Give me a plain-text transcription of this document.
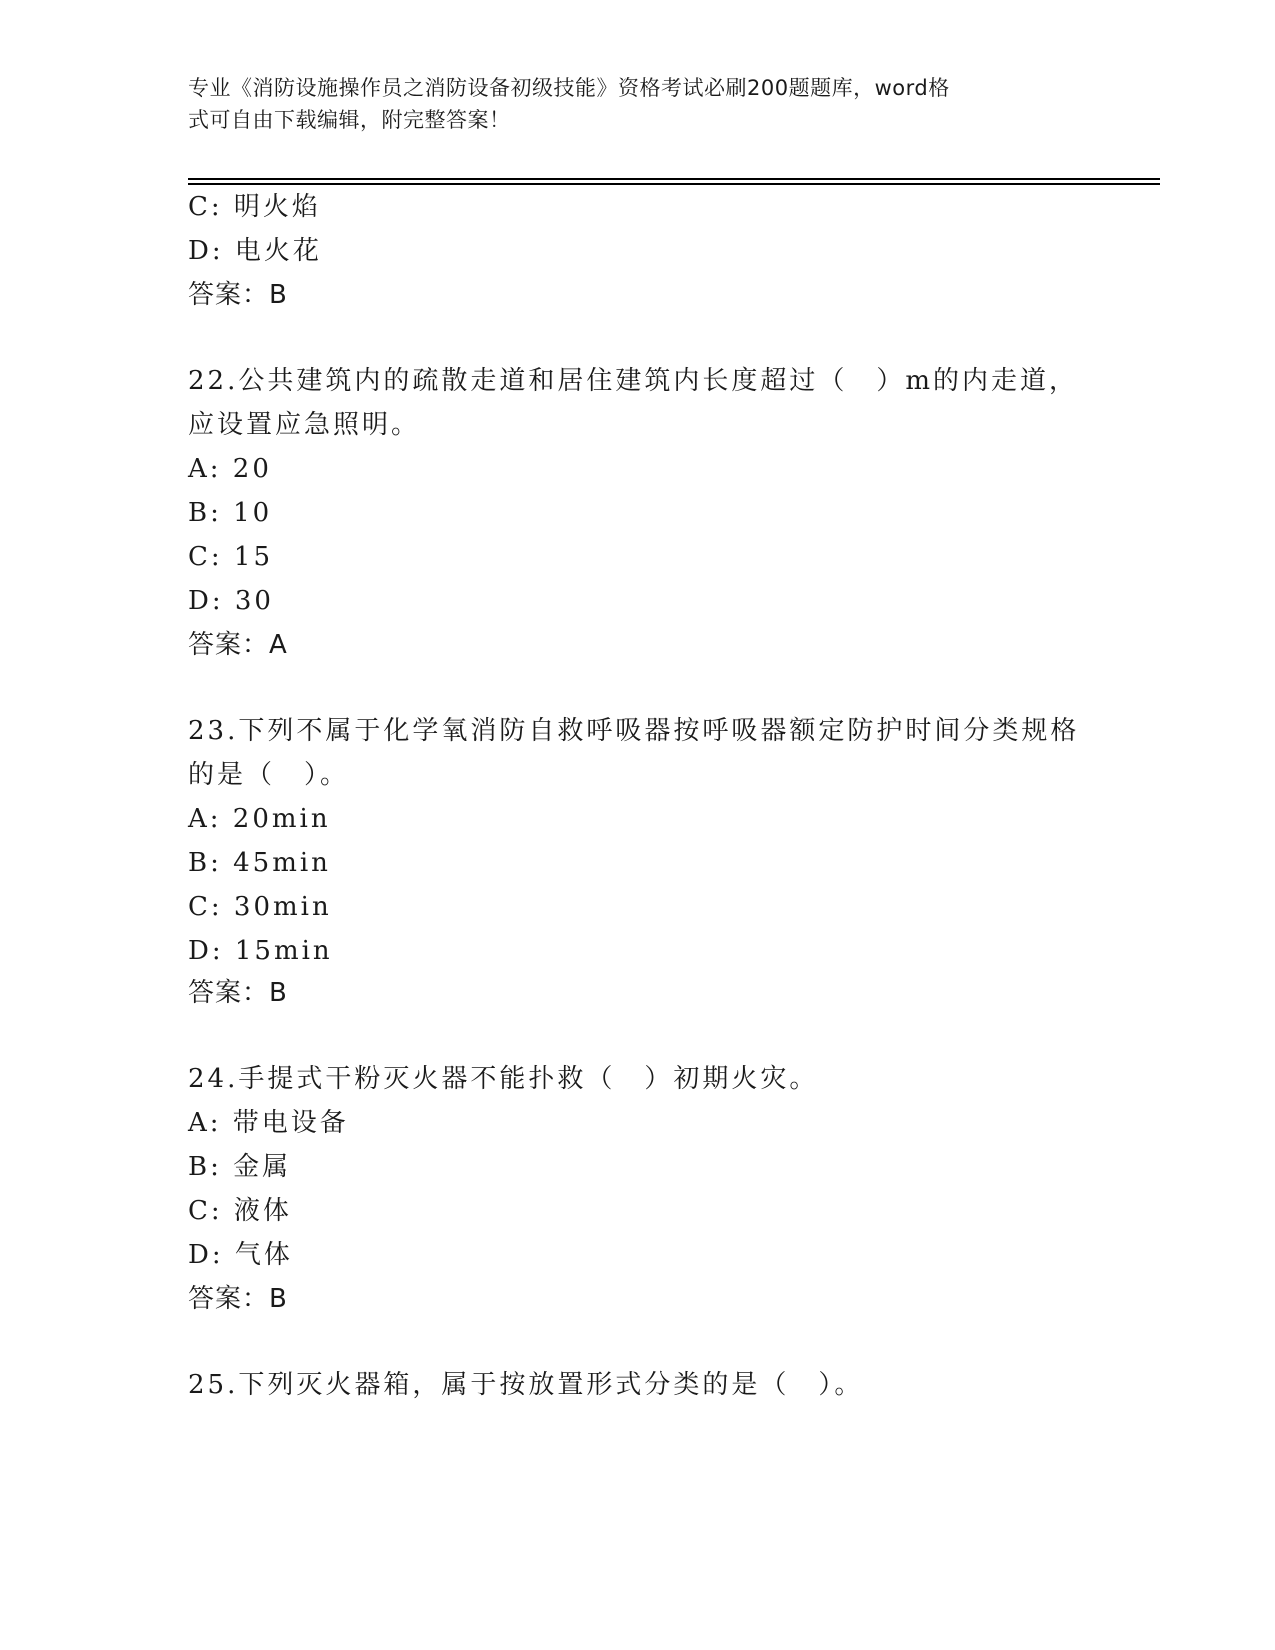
专业《消防设施操作员之消防设备初级技能》资格考试必刷200题题库，word格
式可自由下载编辑，附完整答案！
C: 明火焰
D: 电火花
答案：B
22.公共建筑内的疏散走道和居住建筑内长度超过（　）m的内走道，
应设置应急照明。
A: 20
B: 10
C: 15
D: 30
答案：A
23.下列不属于化学氧消防自救呼吸器按呼吸器额定防护时间分类规格
的是（　）。
A: 20min
B: 45min
C: 30min
D: 15min
答案：B
24.手提式干粉灭火器不能扑救（　）初期火灾。
A: 带电设备
B: 金属
C: 液体
D: 气体
答案：B
25.下列灭火器箱，属于按放置形式分类的是（　）。
